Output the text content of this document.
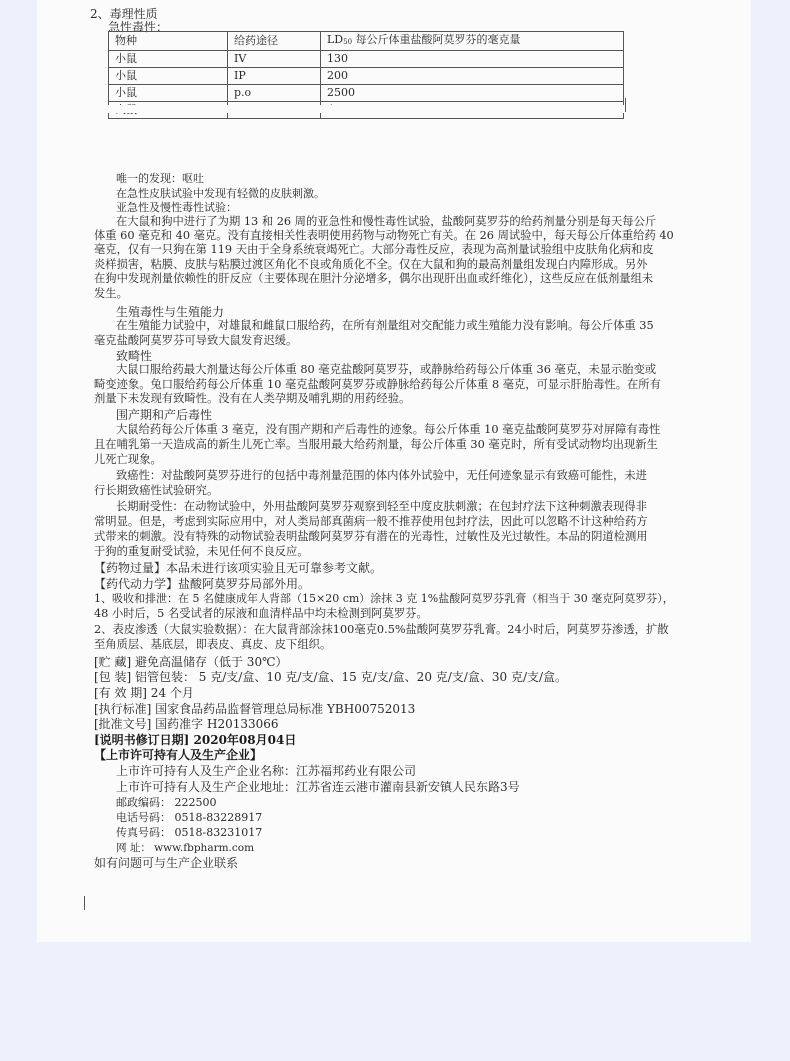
2、毒理性质
急性毒性：
物种	给药途径	LD50 每公斤体重盐酸阿莫罗芬的毫克量
小鼠	IV	130
小鼠	IP	200
小鼠	p.o	2500

唯一的发现：呕吐
在急性皮肤试验中发现有轻微的皮肤刺激。
亚急性及慢性毒性试验：
在大鼠和狗中进行了为期 13 和 26 周的亚急性和慢性毒性试验，盐酸阿莫罗芬的给药剂量分别是每天每公斤
体重 60 毫克和 40 毫克。没有直接相关性表明使用药物与动物死亡有关。在 26 周试验中，每天每公斤体重给药 40
毫克，仅有一只狗在第 119 天由于全身系统衰竭死亡。大部分毒性反应，表现为高剂量试验组中皮肤角化病和皮
炎样损害，粘膜、皮肤与粘膜过渡区角化不良或角质化不全。仅在大鼠和狗的最高剂量组发现白内障形成。另外
在狗中发现剂量依赖性的肝反应（主要体现在胆汁分泌增多，偶尔出现肝出血或纤维化），这些反应在低剂量组未
发生。
生殖毒性与生殖能力
在生殖能力试验中，对雄鼠和雌鼠口服给药，在所有剂量组对交配能力或生殖能力没有影响。每公斤体重 35
毫克盐酸阿莫罗芬可导致大鼠发育迟缓。
致畸性
大鼠口服给药最大剂量达每公斤体重 80 毫克盐酸阿莫罗芬，或静脉给药每公斤体重 36 毫克，未显示胎变或
畸变迹象。兔口服给药每公斤体重 10 毫克盐酸阿莫罗芬或静脉给药每公斤体重 8 毫克，可显示肝胎毒性。在所有
剂量下未发现有致畸性。没有在人类孕期及哺乳期的用药经验。
围产期和产后毒性
大鼠给药每公斤体重 3 毫克，没有围产期和产后毒性的迹象。每公斤体重 10 毫克盐酸阿莫罗芬对屏障有毒性
且在哺乳第一天造成高的新生儿死亡率。当服用最大给药剂量，每公斤体重 30 毫克时，所有受试动物均出现新生
儿死亡现象。
致癌性：对盐酸阿莫罗芬进行的包括中毒剂量范围的体内体外试验中，无任何迹象显示有致癌可能性，未进
行长期致癌性试验研究。
长期耐受性：在动物试验中，外用盐酸阿莫罗芬观察到轻至中度皮肤刺激；在包封疗法下这种刺激表现得非
常明显。但是，考虑到实际应用中，对人类局部真菌病一般不推荐使用包封疗法，因此可以忽略不计这种给药方
式带来的刺激。没有特殊的动物试验表明盐酸阿莫罗芬有潜在的光毒性，过敏性及光过敏性。本品的阴道检测用
于狗的重复耐受试验，未见任何不良反应。
【药物过量】本品未进行该项实验且无可靠参考文献。
【药代动力学】盐酸阿莫罗芬局部外用。
1、吸收和排泄：在 5 名健康成年人背部（15×20 cm）涂抹 3 克 1%盐酸阿莫罗芬乳膏（相当于 30 毫克阿莫罗芬），
48 小时后，5 名受试者的尿液和血清样品中均未检测到阿莫罗芬。
2、表皮渗透（大鼠实验数据）：在大鼠背部涂抹100毫克0.5%盐酸阿莫罗芬乳膏。24小时后，阿莫罗芬渗透，扩散
至角质层、基底层，即表皮、真皮、皮下组织。
[贮 藏] 避免高温储存（低于 30℃）
[包 装] 铝管包装： 5 克/支/盒、10 克/支/盒、15 克/支/盒、20 克/支/盒、30 克/支/盒。
[有 效 期] 24 个月
[执行标准] 国家食品药品监督管理总局标准 YBH00752013
[批准文号] 国药准字 H20133066
[说明书修订日期] 2020年08月04日
【上市许可持有人及生产企业】
上市许可持有人及生产企业名称：江苏福邦药业有限公司
上市许可持有人及生产企业地址：江苏省连云港市灌南县新安镇人民东路3号
邮政编码： 222500
电话号码： 0518-83228917
传真号码： 0518-83231017
网 址： www.fbpharm.com
如有问题可与生产企业联系
